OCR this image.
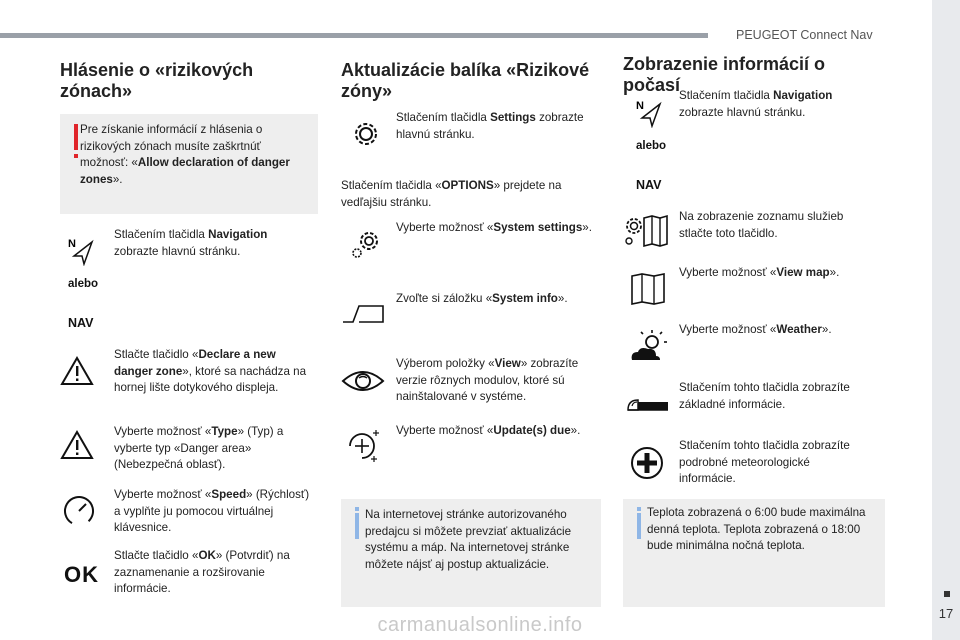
PEUGEOT Connect Nav
17
Hlásenie o «rizikových zónach»
Pre získanie informácií z hlásenia o rizikových zónach musíte zaškrtnúť možnosť: «Allow declaration of danger zones».
N
Stlačením tlačidla Navigation zobrazte hlavnú stránku.
alebo
NAV
Stlačte tlačidlo «Declare a new danger zone», ktoré sa nachádza na hornej lište dotykového displeja.
Vyberte možnosť «Type» (Typ) a vyberte typ «Danger area» (Nebezpečná oblasť).
Vyberte možnosť «Speed» (Rýchlosť) a vyplňte ju pomocou virtuálnej klávesnice.
OK
Stlačte tlačidlo «OK» (Potvrdiť) na zaznamenanie a rozširovanie informácie.
Aktualizácie balíka «Rizikové zóny»
Stlačením tlačidla Settings zobrazte hlavnú stránku.
Stlačením tlačidla «OPTIONS» prejdete na vedľajšiu stránku.
Vyberte možnosť «System settings».
Zvoľte si záložku «System info».
Výberom položky «View» zobrazíte verzie rôznych modulov, ktoré sú nainštalované v systéme.
Vyberte možnosť «Update(s) due».
Na internetovej stránke autorizovaného predajcu si môžete prevziať aktualizácie systému a máp. Na internetovej stránke môžete nájsť aj postup aktualizácie.
Zobrazenie informácií o počasí
N
Stlačením tlačidla Navigation zobrazte hlavnú stránku.
alebo
NAV
Na zobrazenie zoznamu služieb stlačte toto tlačidlo.
Vyberte možnosť «View map».
Vyberte možnosť «Weather».
Stlačením tohto tlačidla zobrazíte základné informácie.
Stlačením tohto tlačidla zobrazíte podrobné meteorologické informácie.
Teplota zobrazená o 6:00 bude maximálna denná teplota. Teplota zobrazená o 18:00 bude minimálna nočná teplota.
carmanualsonline.info
